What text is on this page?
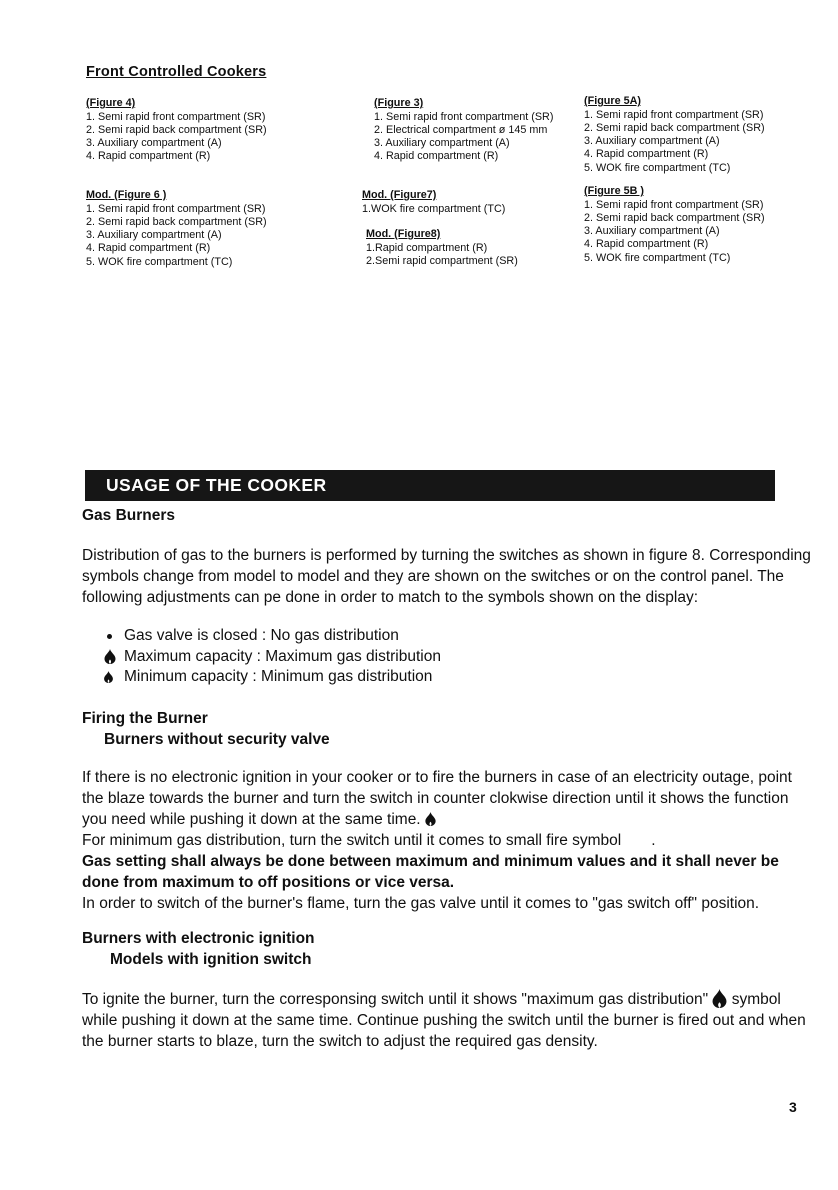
Front Controlled Cookers
(Figure 4)
1. Semi rapid front compartment (SR)
2. Semi rapid back compartment (SR)
3. Auxiliary compartment (A)
4. Rapid compartment (R)
Mod. (Figure 6 )
1. Semi rapid front compartment (SR)
2. Semi rapid back compartment (SR)
3. Auxiliary compartment (A)
4. Rapid compartment (R)
5. WOK fire compartment (TC)
(Figure 3)
1. Semi rapid front compartment (SR)
2. Electrical compartment ø 145 mm
3. Auxiliary compartment (A)
4. Rapid compartment (R)
Mod. (Figure7)
1.WOK fire compartment (TC)
Mod. (Figure8)
1.Rapid compartment (R)
2.Semi rapid compartment (SR)
(Figure 5A)
1. Semi rapid front compartment (SR)
2. Semi rapid back compartment (SR)
3. Auxiliary compartment (A)
4. Rapid compartment (R)
5. WOK fire compartment (TC)
(Figure 5B )
1. Semi rapid front compartment (SR)
2. Semi rapid back compartment (SR)
3. Auxiliary compartment (A)
4. Rapid compartment (R)
5. WOK fire compartment (TC)
USAGE OF THE COOKER
Gas Burners

Distribution of gas to the burners is performed by turning the switches as shown in figure 8. Corresponding symbols change from model to model and they are shown on the switches or on the control panel. The following adjustments can pe done in order to match to the symbols shown on the display:

Gas valve is closed : No gas distribution
Maximum capacity : Maximum gas distribution
Minimum capacity : Minimum gas distribution
Firing the Burner
Burners without security valve
If there is no electronic ignition in your cooker or to fire the burners in case of an electricity outage, point the blaze towards the burner and turn the switch in counter clokwise direction until it shows the function you need while pushing it down at the same time.
For minimum gas distribution, turn the switch until it comes to small fire symbol .
Gas setting shall always be done between maximum and minimum values and it shall never be done from maximum to off positions or vice versa.
In order to switch of the burner's flame, turn the gas valve until it comes to "gas switch off" position.
Burners with electronic ignition
Models with ignition switch
To ignite the burner, turn the corresponsing switch until it shows "maximum gas distribution" symbol while pushing it down at the same time. Continue pushing the switch until the burner is fired out and when the burner starts to blaze, turn the switch to adjust the required gas density.
3
